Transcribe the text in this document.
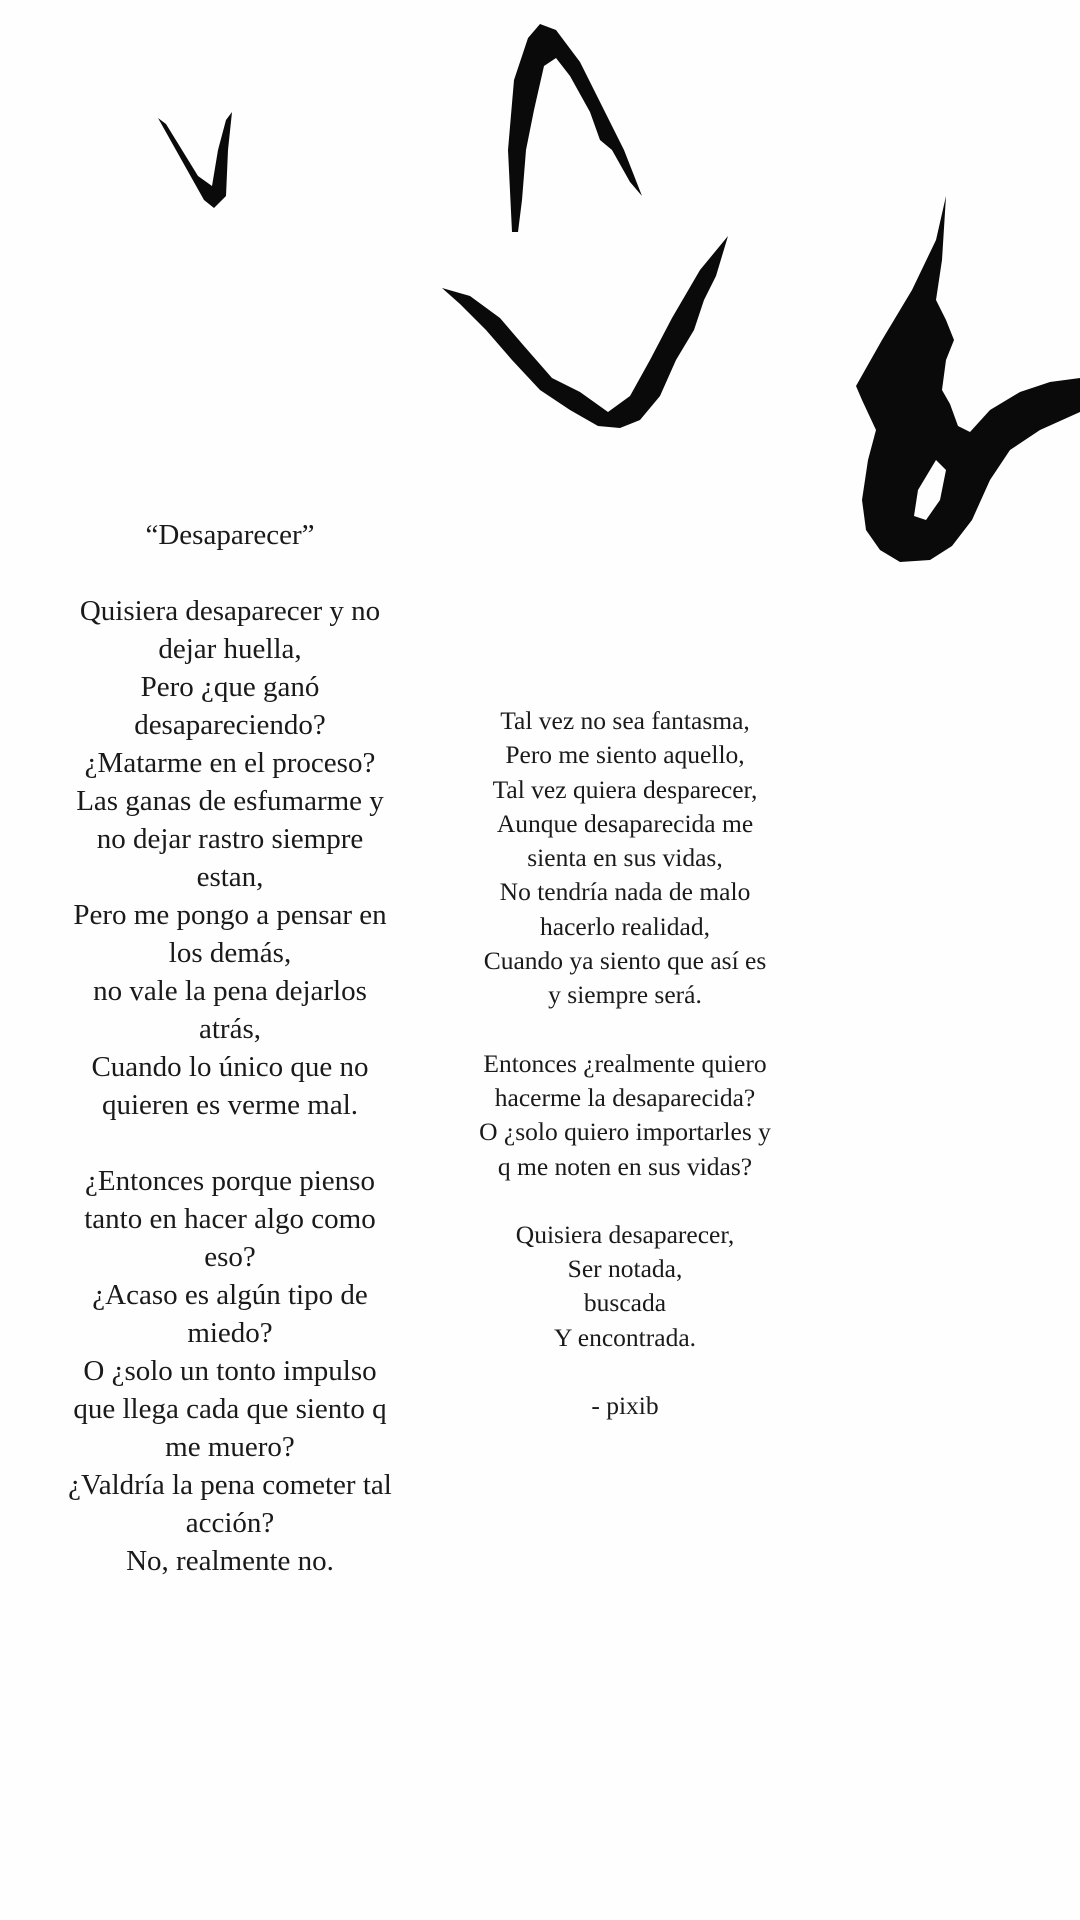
“Desaparecer”
Quisiera desaparecer y no
dejar huella,
Pero ¿que ganó
desapareciendo?
¿Matarme en el proceso?
Las ganas de esfumarme y
no dejar rastro siempre
estan,
Pero me pongo a pensar en
los demás,
no vale la pena dejarlos
atrás,
Cuando lo único que no
quieren es verme mal.
¿Entonces porque pienso
tanto en hacer algo como
eso?
¿Acaso es algún tipo de
miedo?
O ¿solo un tonto impulso
que llega cada que siento q
me muero?
¿Valdría la pena cometer tal
acción?
No, realmente no.
Tal vez no sea fantasma,
Pero me siento aquello,
Tal vez quiera desparecer,
Aunque desaparecida me
sienta en sus vidas,
No tendría nada de malo
hacerlo realidad,
Cuando ya siento que así es
y siempre será.
Entonces ¿realmente quiero
hacerme la desaparecida?
O ¿solo quiero importarles y
q me noten en sus vidas?
Quisiera desaparecer,
Ser notada,
buscada
Y encontrada.
- pixib
